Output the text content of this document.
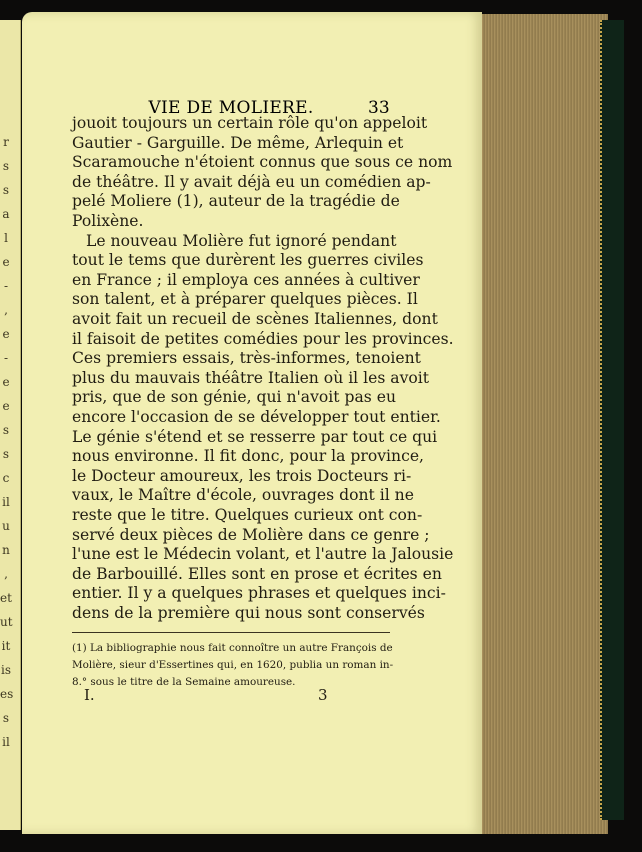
r
s
s
a
l
e
-
,
e
-
e
e
s
s
c
il
u
n
,
et
ut
it
is
es
s
il
VIE DE MOLIERE.	33
jouoit toujours un certain rôle qu'on appeloit
Gautier - Garguille. De même, Arlequin et
Scaramouche n'étoient connus que sous ce nom
de théâtre. Il y avait déjà eu un comédien ap-
pelé Moliere (1), auteur de la tragédie de
Polixène.
Le nouveau Molière fut ignoré pendant
tout le tems que durèrent les guerres civiles
en France ; il employa ces années à cultiver
son talent, et à préparer quelques pièces. Il
avoit fait un recueil de scènes Italiennes, dont
il faisoit de petites comédies pour les provinces.
Ces premiers essais, très-informes, tenoient
plus du mauvais théâtre Italien où il les avoit
pris, que de son génie, qui n'avoit pas eu
encore l'occasion de se développer tout entier.
Le génie s'étend et se resserre par tout ce qui
nous environne. Il fit donc, pour la province,
le Docteur amoureux, les trois Docteurs ri-
vaux, le Maître d'école, ouvrages dont il ne
reste que le titre. Quelques curieux ont con-
servé deux pièces de Molière dans ce genre ;
l'une est le Médecin volant, et l'autre la Jalousie
de Barbouillé. Elles sont en prose et écrites en
entier. Il y a quelques phrases et quelques inci-
dens de la première qui nous sont conservés
(1) La bibliographie nous fait connoître un autre François de
Molière, sieur d'Essertines qui, en 1620, publia un roman in-
8.° sous le titre de la Semaine amoureuse.
I.	3
